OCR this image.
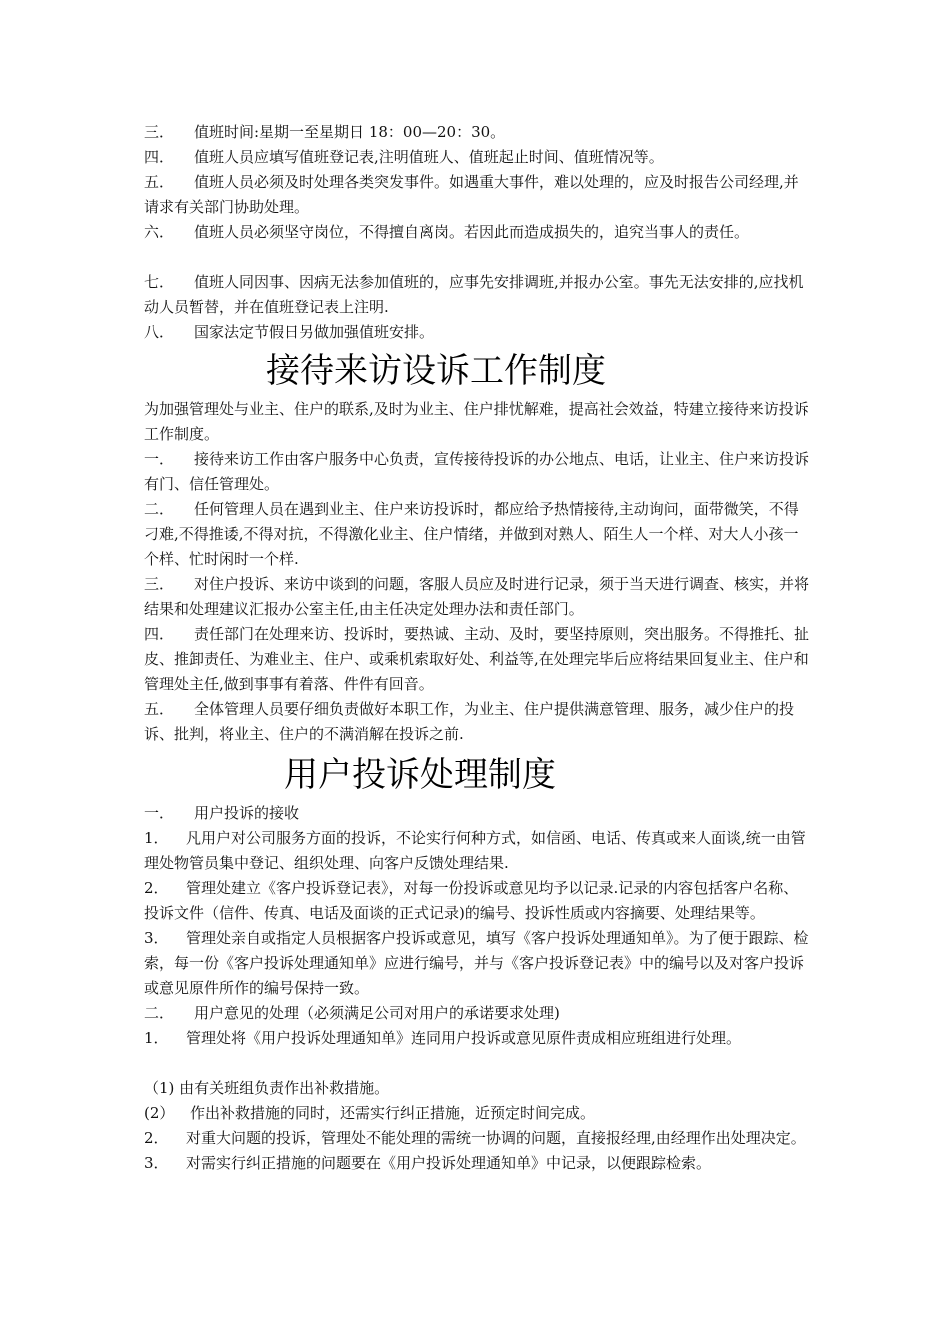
三． 值班时间:星期一至星期日 18：00—20：30。

四． 值班人员应填写值班登记表,注明值班人、值班起止时间、值班情况等。

五． 值班人员必须及时处理各类突发事件。如遇重大事件，难以处理的，应及时报告公司经理,并请求有关部门协助处理。

六． 值班人员必须坚守岗位，不得擅自离岗。若因此而造成损失的，追究当事人的责任。

七． 值班人同因事、因病无法参加值班的，应事先安排调班,并报办公室。事先无法安排的,应找机动人员暂替，并在值班登记表上注明.

八． 国家法定节假日另做加强值班安排。

接待来访设诉工作制度

为加强管理处与业主、住户的联系,及时为业主、住户排忧解难，提高社会效益，特建立接待来访投诉工作制度。

一． 接待来访工作由客户服务中心负责，宣传接待投诉的办公地点、电话，让业主、住户来访投诉有门、信任管理处。

二． 任何管理人员在遇到业主、住户来访投诉时，都应给予热情接待,主动询问，面带微笑，不得刁难,不得推诿,不得对抗，不得激化业主、住户情绪，并做到对熟人、陌生人一个样、对大人小孩一个样、忙时闲时一个样.

三． 对住户投诉、来访中谈到的问题，客服人员应及时进行记录，须于当天进行调查、核实，并将结果和处理建议汇报办公室主任,由主任决定处理办法和责任部门。

四． 责任部门在处理来访、投诉时，要热诚、主动、及时，要坚持原则，突出服务。不得推托、扯皮、推卸责任、为难业主、住户、或乘机索取好处、利益等,在处理完毕后应将结果回复业主、住户和管理处主任,做到事事有着落、件件有回音。

五． 全体管理人员要仔细负责做好本职工作，为业主、住户提供满意管理、服务，减少住户的投诉、批判，将业主、住户的不满消解在投诉之前.

用户投诉处理制度

一． 用户投诉的接收

1． 凡用户对公司服务方面的投诉，不论实行何种方式，如信函、电话、传真或来人面谈,统一由管理处物管员集中登记、组织处理、向客户反馈处理结果.

2． 管理处建立《客户投诉登记表》，对每一份投诉或意见均予以记录.记录的内容包括客户名称、投诉文件（信件、传真、电话及面谈的正式记录)的编号、投诉性质或内容摘要、处理结果等。

3． 管理处亲自或指定人员根据客户投诉或意见，填写《客户投诉处理通知单》。为了便于跟踪、检索，每一份《客户投诉处理通知单》应进行编号，并与《客户投诉登记表》中的编号以及对客户投诉或意见原件所作的编号保持一致。

二． 用户意见的处理（必须满足公司对用户的承诺要求处理)

1． 管理处将《用户投诉处理通知单》连同用户投诉或意见原件责成相应班组进行处理。

（1) 由有关班组负责作出补救措施。

(2） 作出补救措施的同时，还需实行纠正措施，近预定时间完成。

2． 对重大问题的投诉，管理处不能处理的需统一协调的问题，直接报经理,由经理作出处理决定。

3． 对需实行纠正措施的问题要在《用户投诉处理通知单》中记录，以便跟踪检索。
